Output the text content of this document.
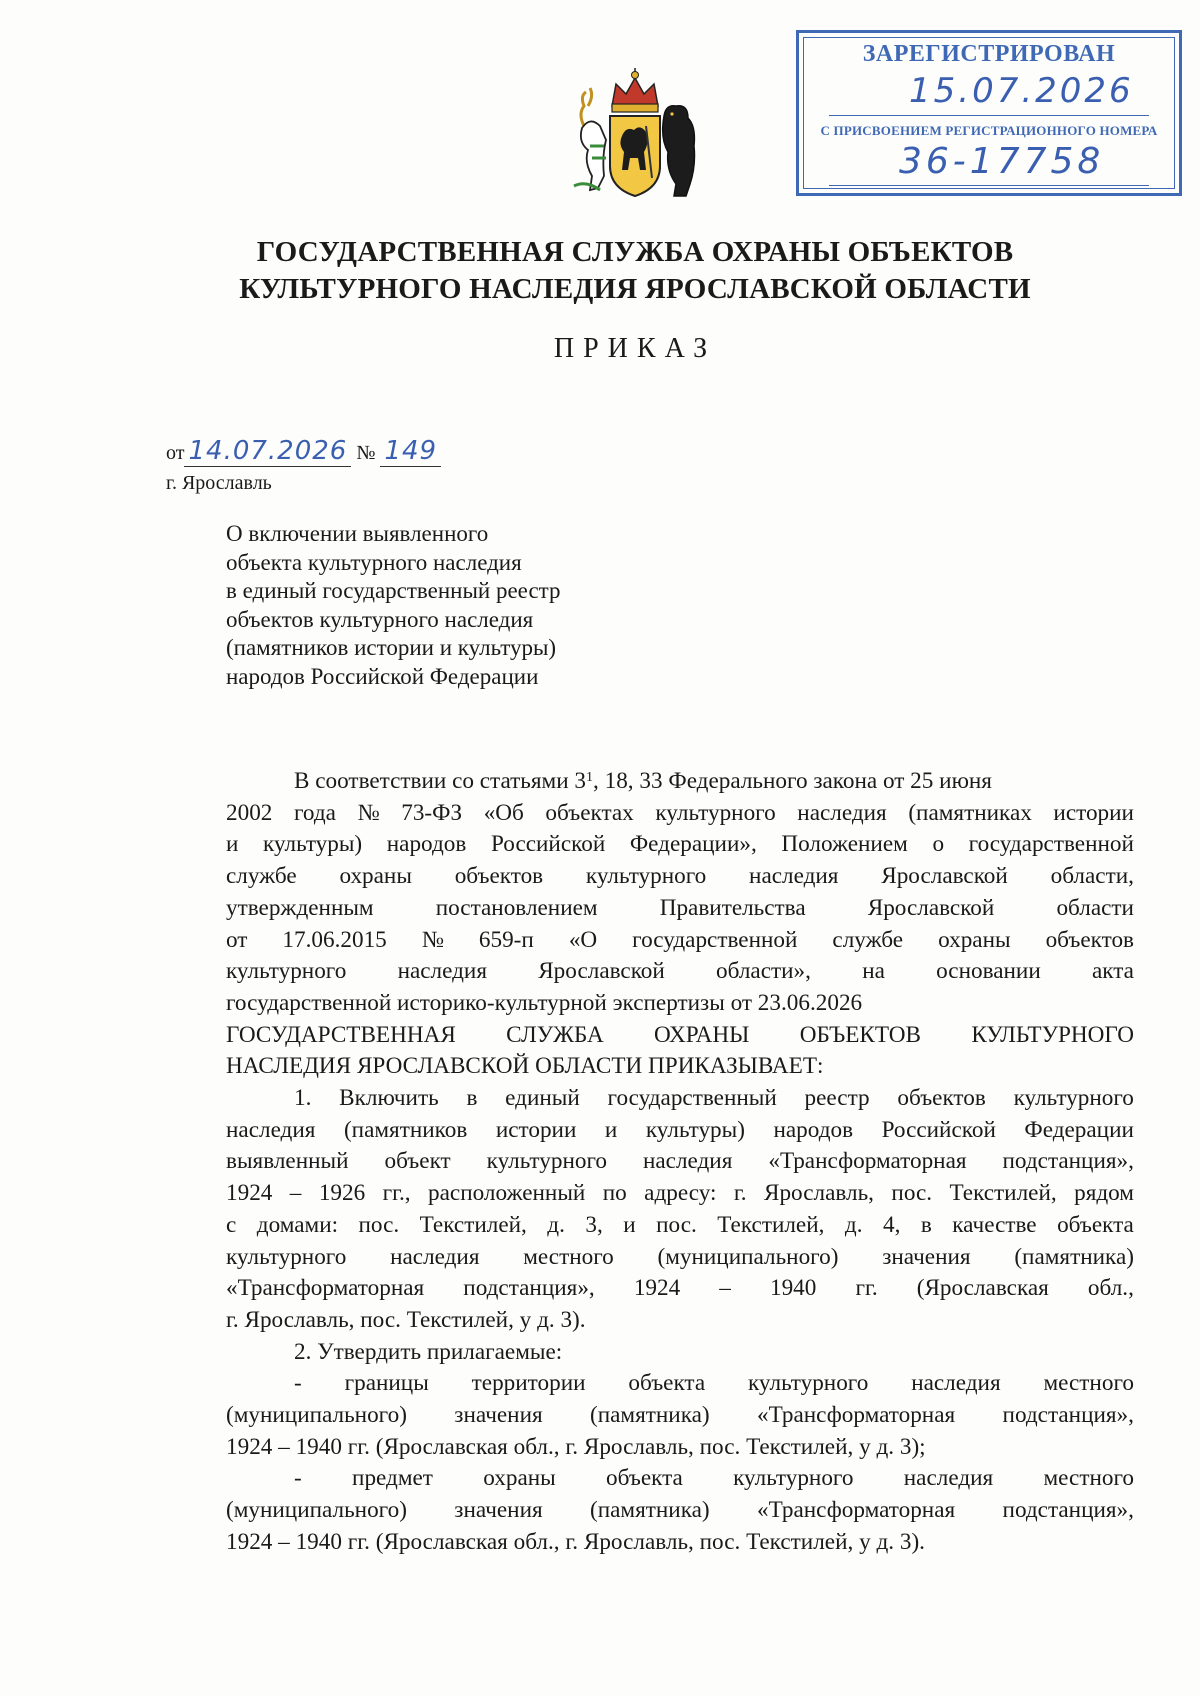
ЗАРЕГИСТРИРОВАН
15.07.2026
С ПРИСВОЕНИЕМ РЕГИСТРАЦИОННОГО НОМЕРА
36-17758
ГОСУДАРСТВЕННАЯ СЛУЖБА ОХРАНЫ ОБЪЕКТОВ
КУЛЬТУРНОГО НАСЛЕДИЯ ЯРОСЛАВСКОЙ ОБЛАСТИ
ПРИКАЗ
от 14.07.2026 № 149
г. Ярославль
О включении выявленного
объекта культурного наследия
в единый государственный реестр
объектов культурного наследия
(памятников истории и культуры)
народов Российской Федерации
В соответствии со статьями $3^1$, 18, 33 Федерального закона от 25 июня
2002 года № 73-ФЗ «Об объектах культурного наследия (памятниках истории
и культуры) народов Российской Федерации», Положением о государственной
службе охраны объектов культурного наследия Ярославской области,
утвержденным	постановлением	Правительства	Ярославской	области
от 17.06.2015 № 659-п «О государственной службе охраны объектов
культурного наследия Ярославской области», на основании акта
государственной историко-культурной экспертизы от 23.06.2026
ГОСУДАРСТВЕННАЯ СЛУЖБА ОХРАНЫ ОБЪЕКТОВ КУЛЬТУРНОГО
НАСЛЕДИЯ ЯРОСЛАВСКОЙ ОБЛАСТИ ПРИКАЗЫВАЕТ:
1. Включить в единый государственный реестр объектов культурного
наследия (памятников истории и культуры) народов Российской Федерации
выявленный объект культурного наследия «Трансформаторная подстанция»,
1924 – 1926 гг., расположенный по адресу: г. Ярославль, пос. Текстилей, рядом
с домами: пос. Текстилей, д. 3, и пос. Текстилей, д. 4, в качестве объекта
культурного наследия местного (муниципального) значения (памятника)
«Трансформаторная подстанция», 1924 – 1940 гг. (Ярославская обл.,
г. Ярославль, пос. Текстилей, у д. 3).
2. Утвердить прилагаемые:
- границы территории объекта культурного наследия местного
(муниципального) значения (памятника) «Трансформаторная подстанция»,
1924 – 1940 гг. (Ярославская обл., г. Ярославль, пос. Текстилей, у д. 3);
- предмет охраны объекта культурного наследия местного
(муниципального) значения (памятника) «Трансформаторная подстанция»,
1924 – 1940 гг. (Ярославская обл., г. Ярославль, пос. Текстилей, у д. 3).
